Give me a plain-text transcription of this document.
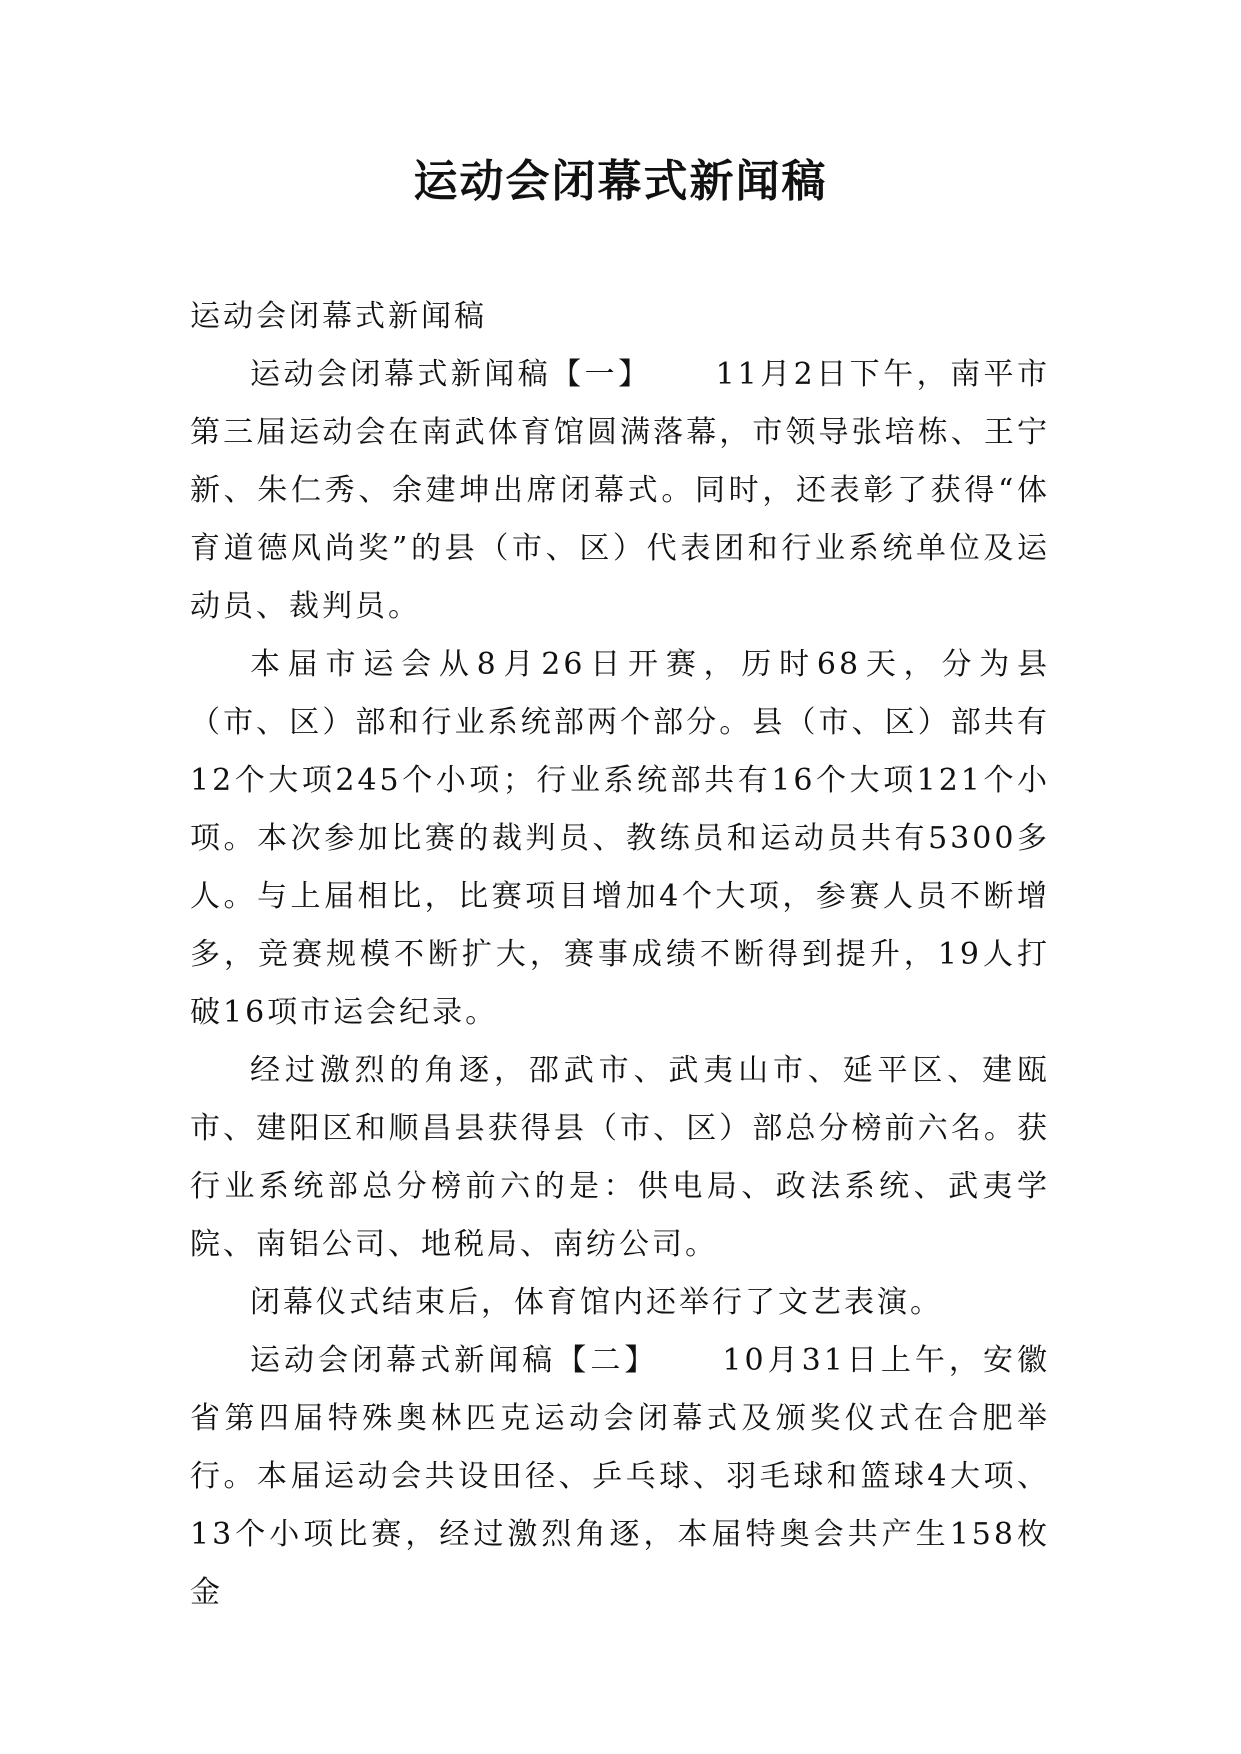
运动会闭幕式新闻稿

运动会闭幕式新闻稿

运动会闭幕式新闻稿【一】 11月2日下午，南平市第三届运动会在南武体育馆圆满落幕，市领导张培栋、王宁新、朱仁秀、余建坤出席闭幕式。同时，还表彰了获得“体育道德风尚奖”的县（市、区）代表团和行业系统单位及运动员、裁判员。

本届市运会从8月26日开赛，历时68天，分为县（市、区）部和行业系统部两个部分。县（市、区）部共有12个大项245个小项；行业系统部共有16个大项121个小项。本次参加比赛的裁判员、教练员和运动员共有5300多人。与上届相比，比赛项目增加4个大项，参赛人员不断增多，竞赛规模不断扩大，赛事成绩不断得到提升，19人打破16项市运会纪录。

经过激烈的角逐，邵武市、武夷山市、延平区、建瓯市、建阳区和顺昌县获得县（市、区）部总分榜前六名。获行业系统部总分榜前六的是：供电局、政法系统、武夷学院、南铝公司、地税局、南纺公司。

闭幕仪式结束后，体育馆内还举行了文艺表演。

运动会闭幕式新闻稿【二】 10月31日上午，安徽省第四届特殊奥林匹克运动会闭幕式及颁奖仪式在合肥举行。本届运动会共设田径、乒乓球、羽毛球和篮球4大项、13个小项比赛，经过激烈角逐，本届特奥会共产生158枚金
